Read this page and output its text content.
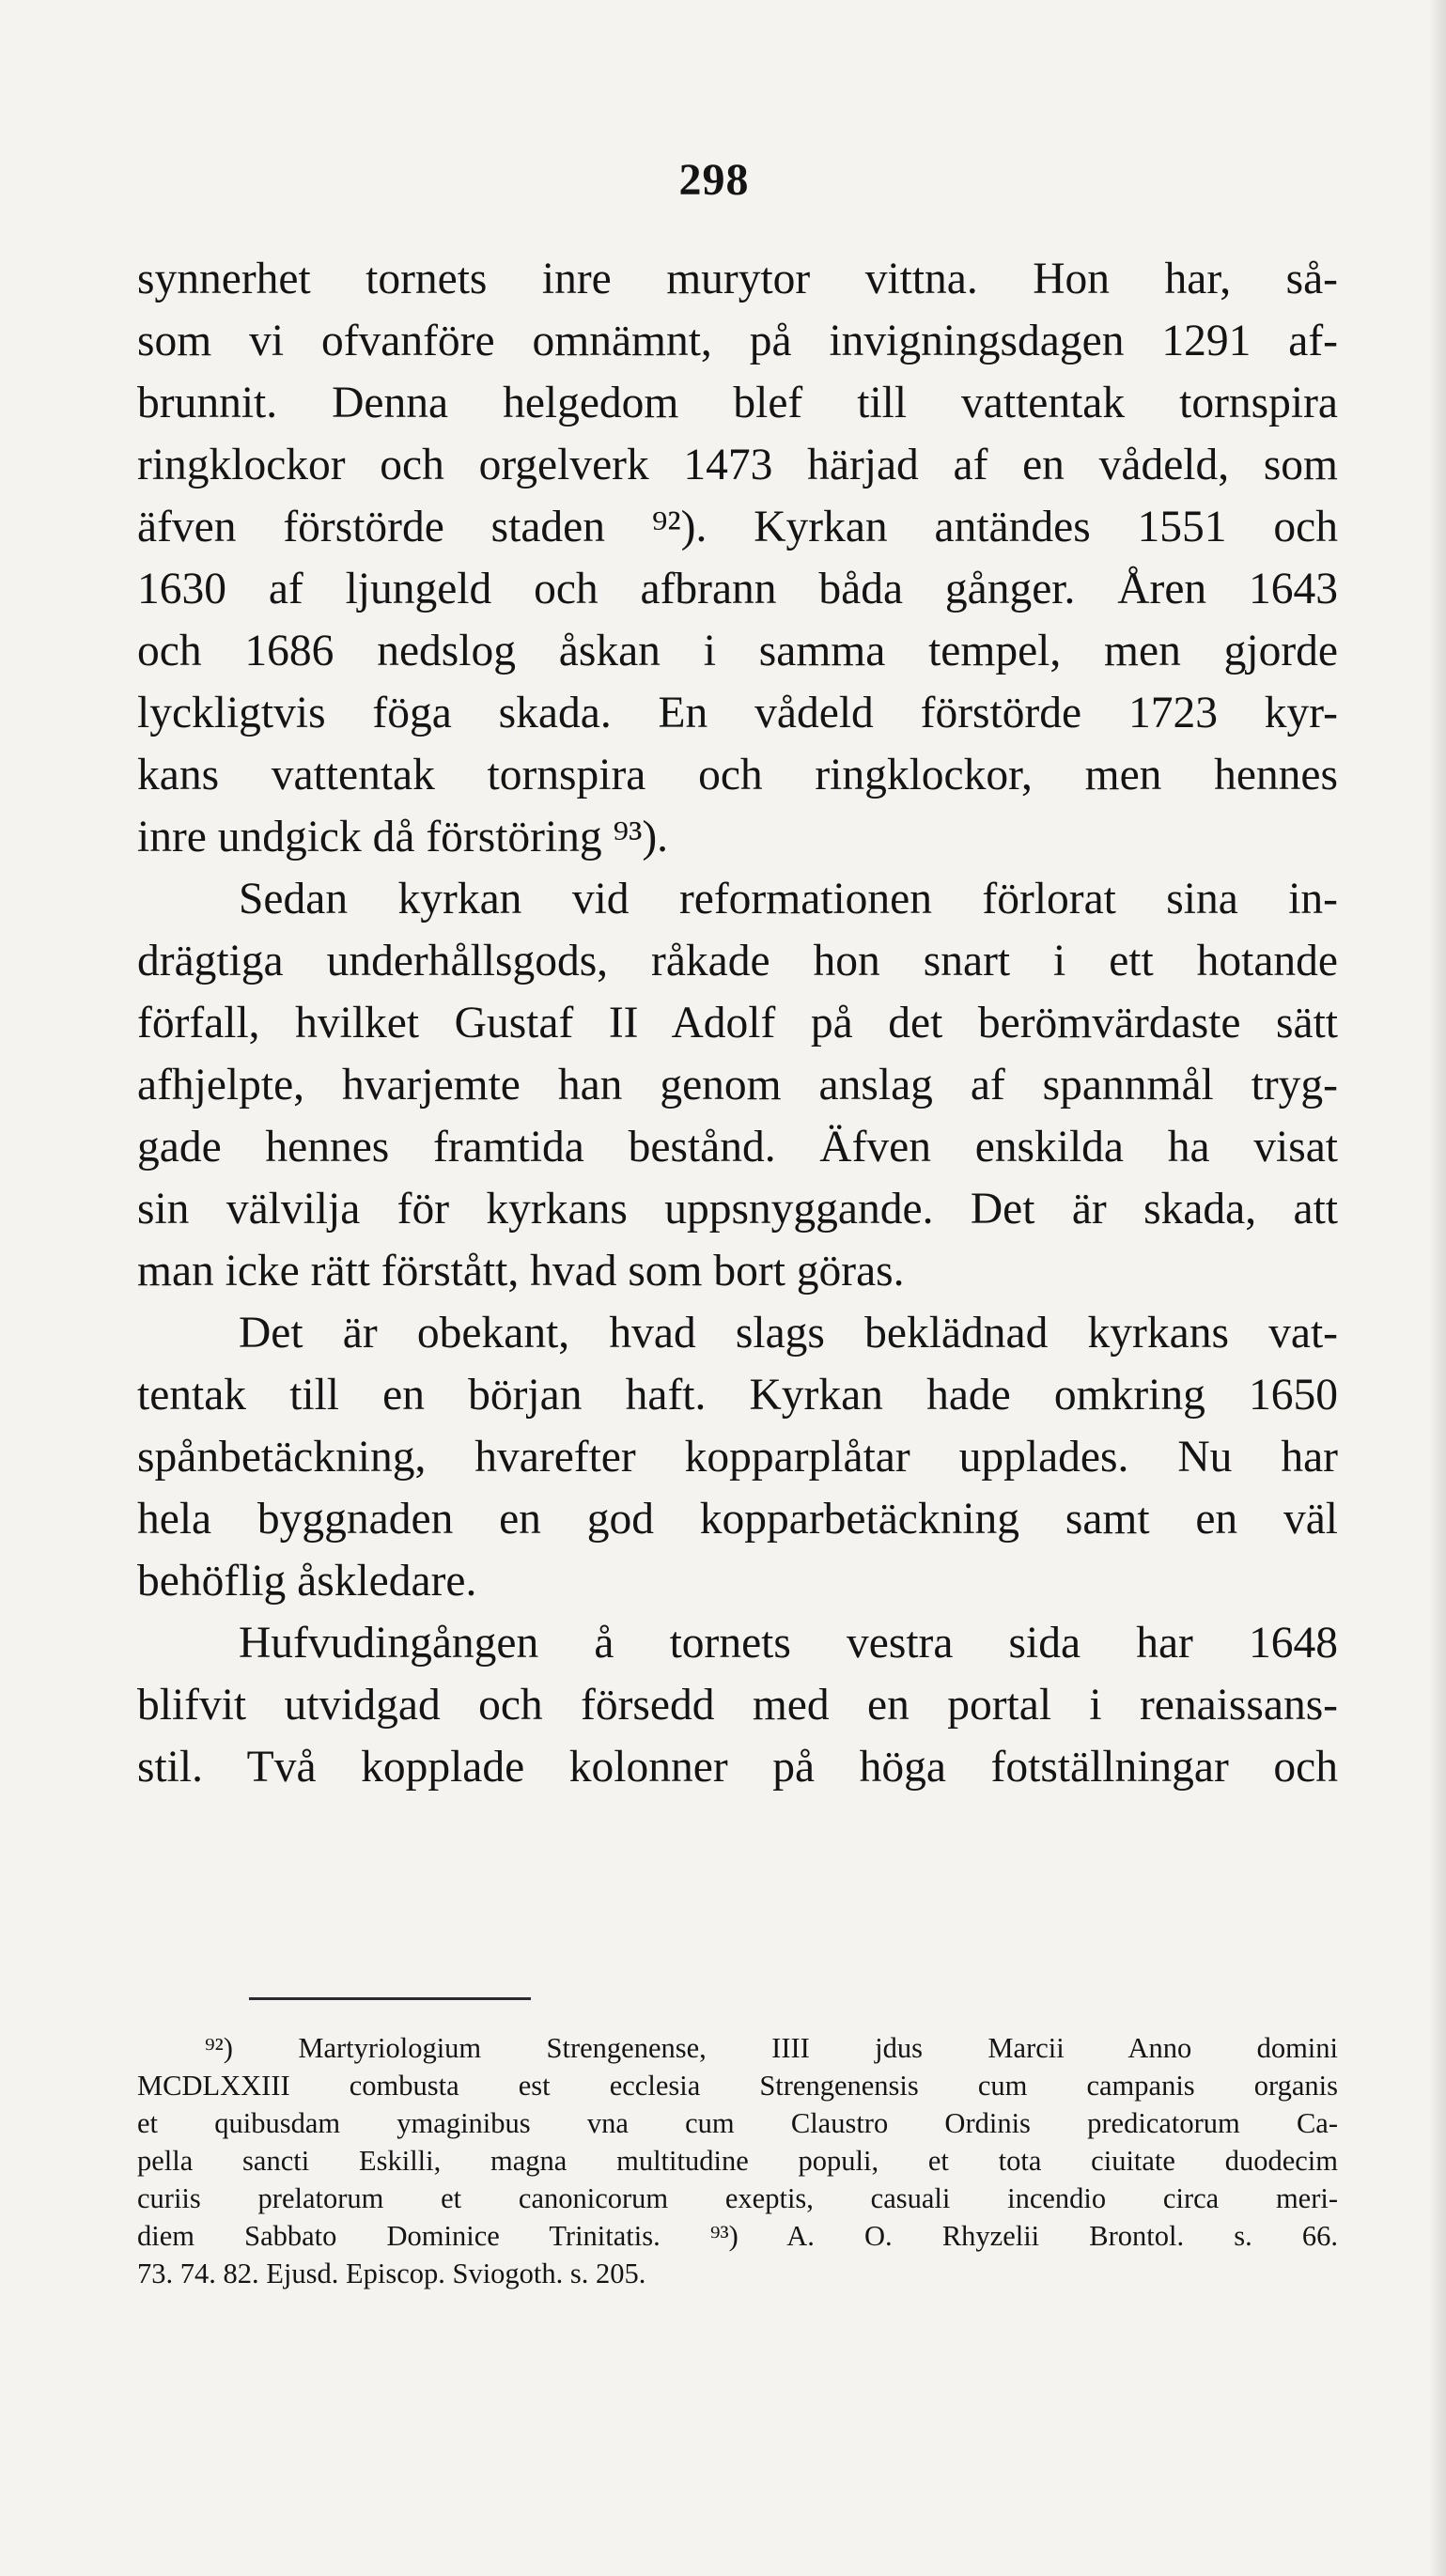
298
synnerhet tornets inre murytor vittna. Hon har, så-
som vi ofvanföre omnämnt, på invigningsdagen 1291 af-
brunnit. Denna helgedom blef till vattentak tornspira
ringklockor och orgelverk 1473 härjad af en vådeld, som
äfven förstörde staden ⁹²). Kyrkan antändes 1551 och
1630 af ljungeld och afbrann båda gånger. Åren 1643
och 1686 nedslog åskan i samma tempel, men gjorde
lyckligtvis föga skada. En vådeld förstörde 1723 kyr-
kans vattentak tornspira och ringklockor, men hennes
inre undgick då förstöring ⁹³).
Sedan kyrkan vid reformationen förlorat sina in-
drägtiga underhållsgods, råkade hon snart i ett hotande
förfall, hvilket Gustaf II Adolf på det berömvärdaste sätt
afhjelpte, hvarjemte han genom anslag af spannmål tryg-
gade hennes framtida bestånd. Äfven enskilda ha visat
sin välvilja för kyrkans uppsnyggande. Det är skada, att
man icke rätt förstått, hvad som bort göras.
Det är obekant, hvad slags beklädnad kyrkans vat-
tentak till en början haft. Kyrkan hade omkring 1650
spånbetäckning, hvarefter kopparplåtar upplades. Nu har
hela byggnaden en god kopparbetäckning samt en väl
behöflig åskledare.
Hufvudingången å tornets vestra sida har 1648
blifvit utvidgad och försedd med en portal i renaissans-
stil. Två kopplade kolonner på höga fotställningar och
⁹²) Martyriologium Strengenense, IIII jdus Marcii Anno domini
MCDLXXIII combusta est ecclesia Strengenensis cum campanis organis
et quibusdam ymaginibus vna cum Claustro Ordinis predicatorum Ca-
pella sancti Eskilli, magna multitudine populi, et tota ciuitate duodecim
curiis prelatorum et canonicorum exeptis, casuali incendio circa meri-
diem Sabbato Dominice Trinitatis. ⁹³) A. O. Rhyzelii Brontol. s. 66.
73. 74. 82. Ejusd. Episcop. Sviogoth. s. 205.
